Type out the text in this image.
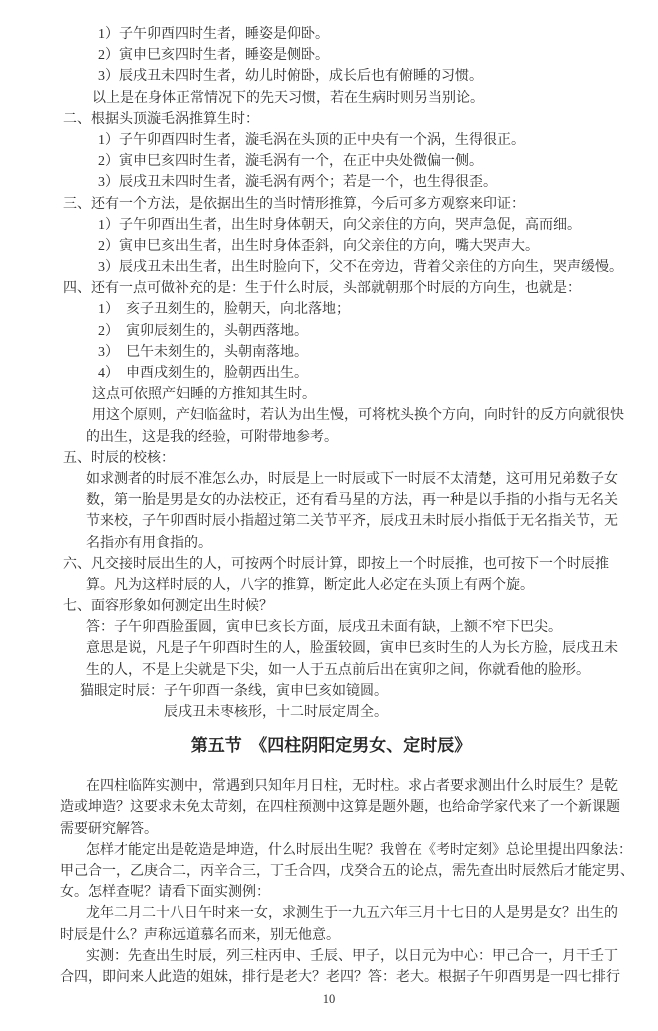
1）子午卯酉四时生者，睡姿是仰卧。
2）寅申巳亥四时生者，睡姿是侧卧。
3）辰戌丑未四时生者，幼儿时俯卧，成长后也有俯睡的习惯。
以上是在身体正常情况下的先天习惯，若在生病时则另当别论。
二、根据头顶漩毛涡推算生时：
1）子午卯酉四时生者，漩毛涡在头顶的正中央有一个涡，生得很正。
2）寅申巳亥四时生者，漩毛涡有一个，在正中央处微偏一侧。
3）辰戌丑未四时生者，漩毛涡有两个；若是一个，也生得很歪。
三、还有一个方法，是依据出生的当时情形推算，今后可多方观察来印证：
1）子午卯酉出生者，出生时身体朝天，向父亲住的方向，哭声急促，高而细。
2）寅申巳亥出生者，出生时身体歪斜，向父亲住的方向，嘴大哭声大。
3）辰戌丑未出生者，出生时脸向下，父不在旁边，背着父亲住的方向生，哭声缓慢。
四、还有一点可做补充的是：生于什么时辰，头部就朝那个时辰的方向生，也就是：
1）　亥子丑刻生的，脸朝天，向北落地；
2）　寅卯辰刻生的，头朝西落地。
3）　巳午未刻生的，头朝南落地。
4）　申酉戌刻生的，脸朝西出生。
这点可依照产妇睡的方推知其生时。
用这个原则，产妇临盆时，若认为出生慢，可将枕头换个方向，向时针的反方向就很快
的出生，这是我的经验，可附带地参考。
五、时辰的校核：
如求测者的时辰不准怎么办，时辰是上一时辰或下一时辰不太清楚，这可用兄弟数子女
数，第一胎是男是女的办法校正，还有看马星的方法，再一种是以手指的小指与无名关
节来校，子午卯酉时辰小指超过第二关节平齐，辰戌丑未时辰小指低于无名指关节，无
名指亦有用食指的。
六、凡交接时辰出生的人，可按两个时辰计算，即按上一个时辰推，也可按下一个时辰推
算。凡为这样时辰的人，八字的推算，断定此人必定在头顶上有两个旋。
七、面容形象如何测定出生时候？
答：子午卯酉脸蛋圆，寅申巳亥长方面，辰戌丑未面有缺，上额不窄下巴尖。
意思是说，凡是子午卯酉时生的人，脸蛋较圆，寅申巳亥时生的人为长方脸，辰戌丑未
生的人，不是上尖就是下尖，如一人于五点前后出在寅卯之间，你就看他的脸形。
猫眼定时辰：子午卯酉一条线，寅申巳亥如镜圆。
辰戌丑未枣核形，十二时辰定周全。
第五节　《四柱阴阳定男女、定时辰》
在四柱临阵实测中，常遇到只知年月日柱，无时柱。求占者要求测出什么时辰生？是乾
造或坤造？这要求未免太苛刻，在四柱预测中这算是题外题，也给命学家代来了一个新课题
需要研究解答。
怎样才能定出是乾造是坤造，什么时辰出生呢？我曾在《考时定刻》总论里提出四象法：
甲己合一，乙庚合二，丙辛合三，丁壬合四，戊癸合五的论点，需先查出时辰然后才能定男、
女。怎样查呢？请看下面实测例：
龙年二月二十八日午时来一女，求测生于一九五六年三月十七日的人是男是女？出生的
时辰是什么？声称远道慕名而来，别无他意。
实测：先查出生时辰，列三柱丙申、壬辰、甲子，以日元为中心：甲己合一，月干壬丁
合四，即问来人此造的姐妹，排行是老大？老四？答：老大。根据子午卯酉男是一四七排行
10
